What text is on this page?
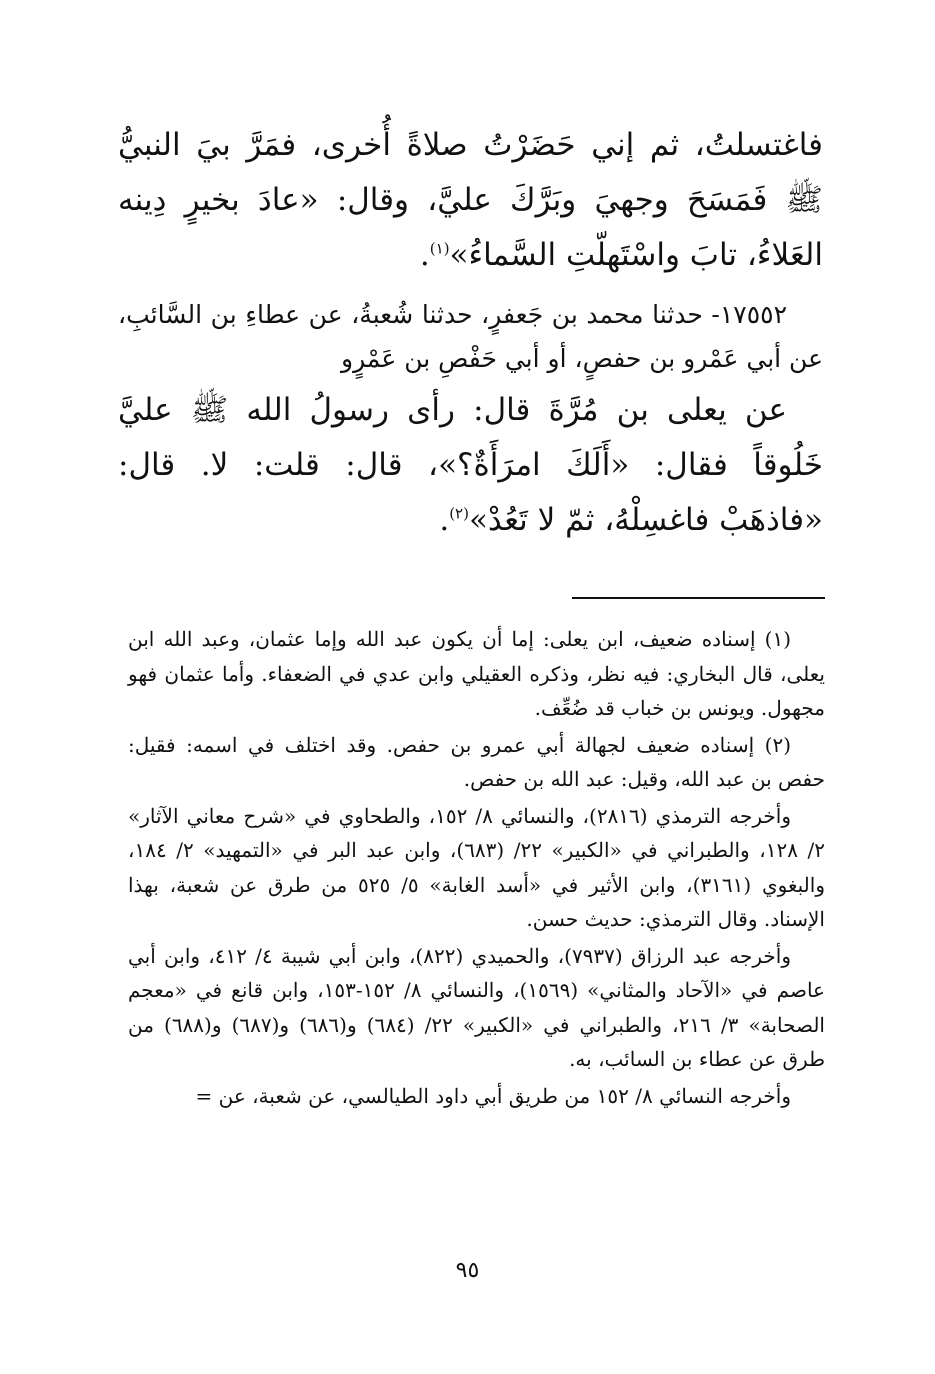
فاغتسلتُ، ثم إني حَضَرْتُ صلاةً أُخرى، فمَرَّ بيَ النبيُّ ﷺ فَمَسَحَ وجهيَ وبَرَّكَ عليَّ، وقال: «عادَ بخيرٍ دِينه العَلاءُ، تابَ واسْتَهلّتِ السَّماءُ»$^{(١)}$.

١٧٥٥٢- حدثنا محمد بن جَعفرٍ، حدثنا شُعبةُ، عن عطاءِ بن السَّائبِ، عن أبي عَمْرو بن حفصٍ، أو أبي حَفْصِ بن عَمْرٍو

عن يعلى بن مُرَّةَ قال: رأى رسولُ الله ﷺ عليَّ خَلُوقاً فقال: «أَلَكَ امرَأَةٌ؟»، قال: قلت: لا. قال: «فاذهَبْ فاغسِلْهُ، ثمّ لا تَعُدْ»$^{(٢)}$.

(١) إسناده ضعيف، ابن يعلى: إما أن يكون عبد الله وإما عثمان، وعبد الله ابن يعلى، قال البخاري: فيه نظر، وذكره العقيلي وابن عدي في الضعفاء. وأما عثمان فهو مجهول. ويونس بن خباب قد ضُعِّف.

(٢) إسناده ضعيف لجهالة أبي عمرو بن حفص. وقد اختلف في اسمه: فقيل: حفص بن عبد الله، وقيل: عبد الله بن حفص.

وأخرجه الترمذي (٢٨١٦)، والنسائي ٨/ ١٥٢، والطحاوي في «شرح معاني الآثار» ٢/ ١٢٨، والطبراني في «الكبير» ٢٢/ (٦٨٣)، وابن عبد البر في «التمهيد» ٢/ ١٨٤، والبغوي (٣١٦١)، وابن الأثير في «أسد الغابة» ٥/ ٥٢٥ من طرق عن شعبة، بهذا الإسناد. وقال الترمذي: حديث حسن.

وأخرجه عبد الرزاق (٧٩٣٧)، والحميدي (٨٢٢)، وابن أبي شيبة ٤/ ٤١٢، وابن أبي عاصم في «الآحاد والمثاني» (١٥٦٩)، والنسائي ٨/ ١٥٢-١٥٣، وابن قانع في «معجم الصحابة» ٣/ ٢١٦، والطبراني في «الكبير» ٢٢/ (٦٨٤) و(٦٨٦) و(٦٨٧) و(٦٨٨) من طرق عن عطاء بن السائب، به.

وأخرجه النسائي ٨/ ١٥٢ من طريق أبي داود الطيالسي، عن شعبة، عن =

٩٥
